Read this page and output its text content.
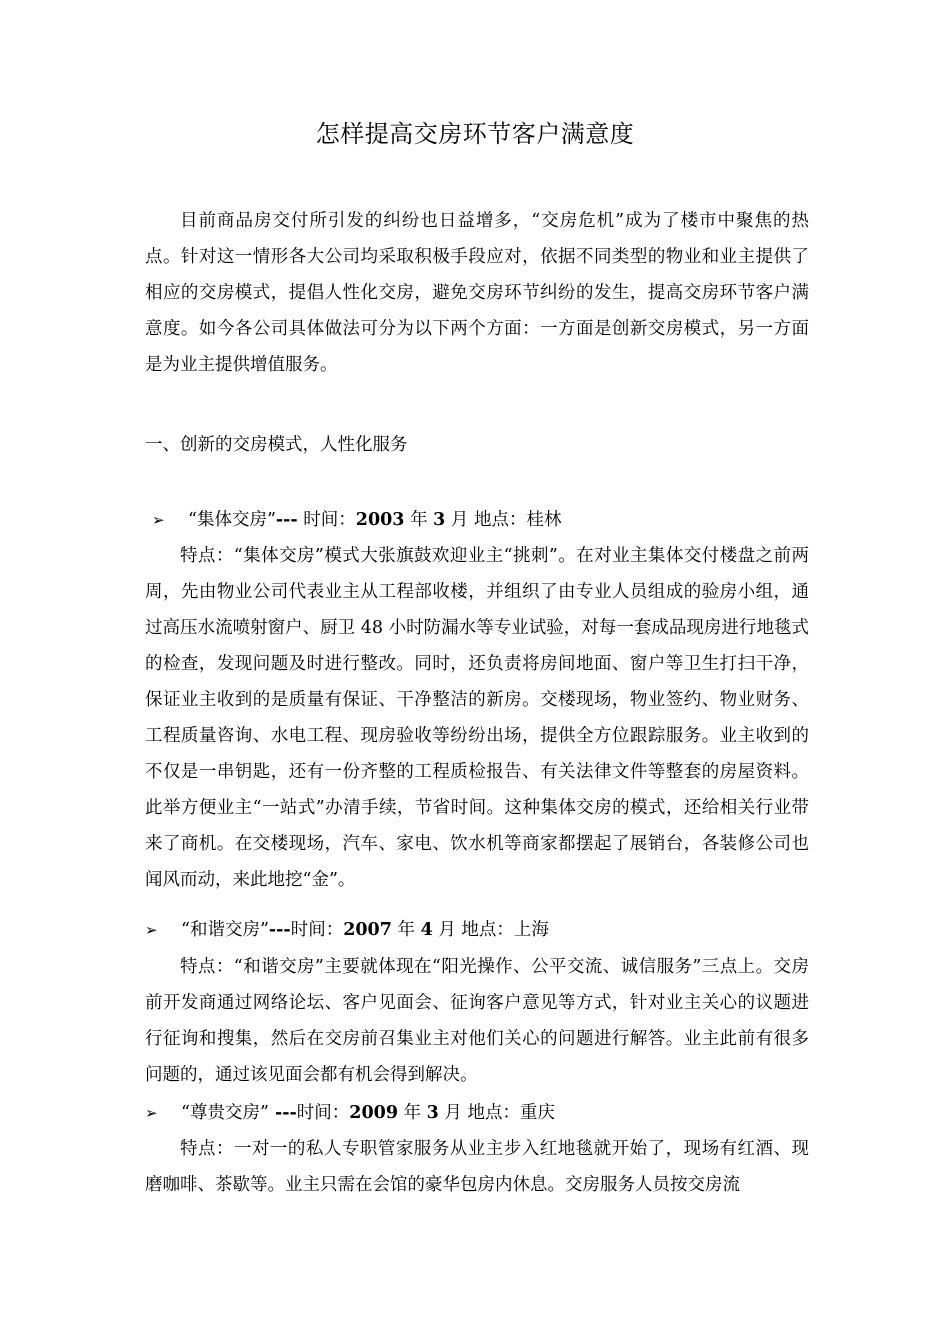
怎样提高交房环节客户满意度

目前商品房交付所引发的纠纷也日益增多，“交房危机”成为了楼市中聚焦的热点。针对这一情形各大公司均采取积极手段应对，依据不同类型的物业和业主提供了相应的交房模式，提倡人性化交房，避免交房环节纠纷的发生，提高交房环节客户满意度。如今各公司具体做法可分为以下两个方面：一方面是创新交房模式，另一方面是为业主提供增值服务。

一、创新的交房模式，人性化服务

➢ “集体交房”--- 时间：2003 年 3 月 地点：桂林

特点：“集体交房”模式大张旗鼓欢迎业主“挑刺”。在对业主集体交付楼盘之前两周，先由物业公司代表业主从工程部收楼，并组织了由专业人员组成的验房小组，通过高压水流喷射窗户、厨卫 48 小时防漏水等专业试验，对每一套成品现房进行地毯式的检查，发现问题及时进行整改。同时，还负责将房间地面、窗户等卫生打扫干净，保证业主收到的是质量有保证、干净整洁的新房。交楼现场，物业签约、物业财务、工程质量咨询、水电工程、现房验收等纷纷出场，提供全方位跟踪服务。业主收到的不仅是一串钥匙，还有一份齐整的工程质检报告、有关法律文件等整套的房屋资料。此举方便业主“一站式”办清手续，节省时间。这种集体交房的模式，还给相关行业带来了商机。在交楼现场，汽车、家电、饮水机等商家都摆起了展销台，各装修公司也闻风而动，来此地挖“金”。

➢ “和谐交房”---时间：2007 年 4 月 地点：上海

特点：“和谐交房”主要就体现在“阳光操作、公平交流、诚信服务”三点上。交房前开发商通过网络论坛、客户见面会、征询客户意见等方式，针对业主关心的议题进行征询和搜集，然后在交房前召集业主对他们关心的问题进行解答。业主此前有很多问题的，通过该见面会都有机会得到解决。

➢ “尊贵交房” ---时间：2009 年 3 月 地点：重庆

特点：一对一的私人专职管家服务从业主步入红地毯就开始了，现场有红酒、现磨咖啡、茶歇等。业主只需在会馆的豪华包房内休息。交房服务人员按交房流
